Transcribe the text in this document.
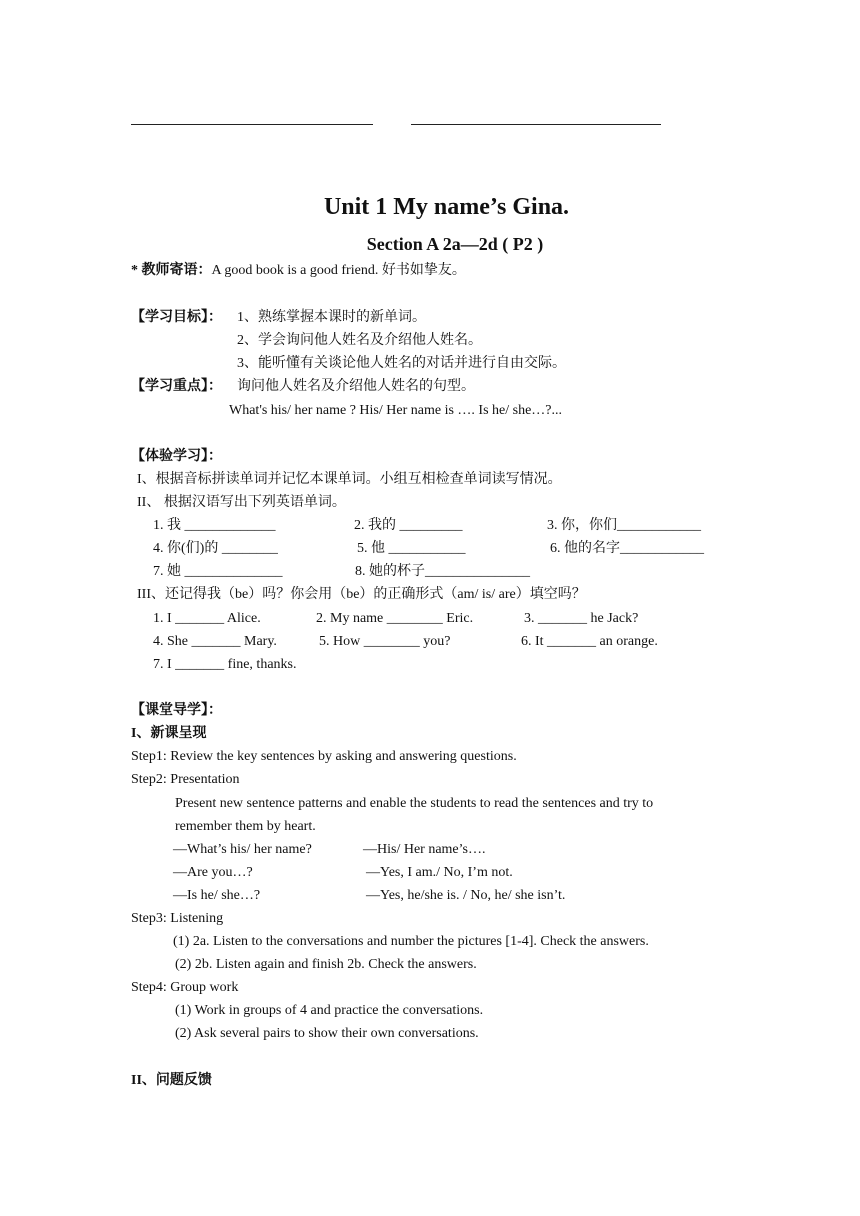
Unit 1 My name’s Gina.
Section A 2a—2d ( P2 )
* 教师寄语：A good book is a good friend. 好书如挚友。
【学习目标】： 1、熟练掌握本课时的新单词。
2、学会询问他人姓名及介绍他人姓名。
3、能听懂有关谈论他人姓名的对话并进行自由交际。
【学习重点】： 询问他人姓名及介绍他人姓名的句型。
What's his/ her name ? His/ Her name is …. Is he/ she…?...
【体验学习】：
I、根据音标拼读单词并记忆本课单词。小组互相检查单词读写情况。
II、 根据汉语写出下列英语单词。
1. 我 _____________	2. 我的 _________	3. 你，你们____________
4. 你(们)的 ________	5. 他 ___________	6. 他的名字____________
7. 她 ______________	8. 她的杯子_______________
III、还记得我（be）吗？你会用（be）的正确形式（am/ is/ are）填空吗？
1. I _______ Alice.	2. My name ________ Eric.	3. _______ he Jack?
4. She _______ Mary.	5. How ________ you?	6. It _______ an orange.
7. I _______ fine, thanks.
【课堂导学】：
I、新课呈现
Step1: Review the key sentences by asking and answering questions.
Step2: Presentation
Present new sentence patterns and enable the students to read the sentences and try to
remember them by heart.
—What’s his/ her name?	—His/ Her name’s….
—Are you…?	—Yes, I am./ No, I’m not.
—Is he/ she…?	—Yes, he/she is. / No, he/ she isn’t.
Step3: Listening
(1) 2a. Listen to the conversations and number the pictures [1-4]. Check the answers.
(2) 2b. Listen again and finish 2b. Check the answers.
Step4: Group work
(1) Work in groups of 4 and practice the conversations.
(2) Ask several pairs to show their own conversations.
II、问题反馈
